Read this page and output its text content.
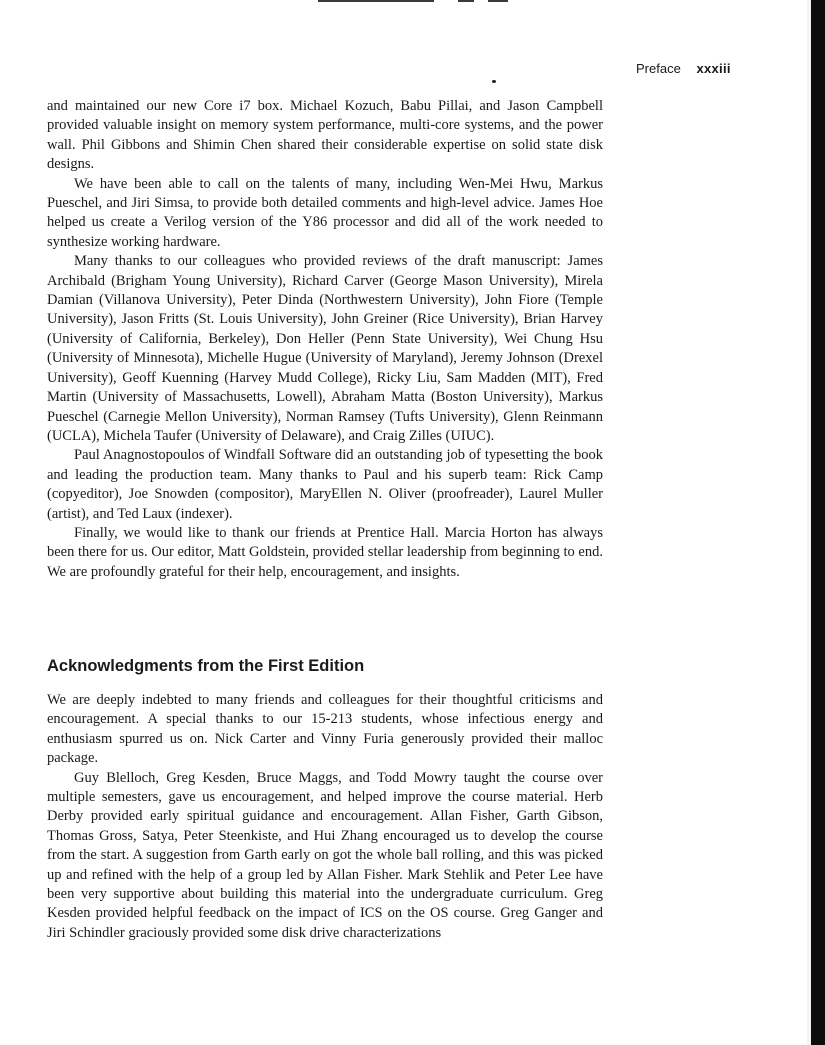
Preface xxxiii

and maintained our new Core i7 box. Michael Kozuch, Babu Pillai, and Jason Campbell provided valuable insight on memory system performance, multi-core systems, and the power wall. Phil Gibbons and Shimin Chen shared their considerable expertise on solid state disk designs.

We have been able to call on the talents of many, including Wen-Mei Hwu, Markus Pueschel, and Jiri Simsa, to provide both detailed comments and high-level advice. James Hoe helped us create a Verilog version of the Y86 processor and did all of the work needed to synthesize working hardware.

Many thanks to our colleagues who provided reviews of the draft manuscript: James Archibald (Brigham Young University), Richard Carver (George Mason University), Mirela Damian (Villanova University), Peter Dinda (Northwestern University), John Fiore (Temple University), Jason Fritts (St. Louis University), John Greiner (Rice University), Brian Harvey (University of California, Berkeley), Don Heller (Penn State University), Wei Chung Hsu (University of Minnesota), Michelle Hugue (University of Maryland), Jeremy Johnson (Drexel University), Geoff Kuenning (Harvey Mudd College), Ricky Liu, Sam Madden (MIT), Fred Martin (University of Massachusetts, Lowell), Abraham Matta (Boston University), Markus Pueschel (Carnegie Mellon University), Norman Ramsey (Tufts University), Glenn Reinmann (UCLA), Michela Taufer (University of Delaware), and Craig Zilles (UIUC).

Paul Anagnostopoulos of Windfall Software did an outstanding job of typesetting the book and leading the production team. Many thanks to Paul and his superb team: Rick Camp (copyeditor), Joe Snowden (compositor), MaryEllen N. Oliver (proofreader), Laurel Muller (artist), and Ted Laux (indexer).

Finally, we would like to thank our friends at Prentice Hall. Marcia Horton has always been there for us. Our editor, Matt Goldstein, provided stellar leadership from beginning to end. We are profoundly grateful for their help, encouragement, and insights.

Acknowledgments from the First Edition

We are deeply indebted to many friends and colleagues for their thoughtful criticisms and encouragement. A special thanks to our 15-213 students, whose infectious energy and enthusiasm spurred us on. Nick Carter and Vinny Furia generously provided their malloc package.

Guy Blelloch, Greg Kesden, Bruce Maggs, and Todd Mowry taught the course over multiple semesters, gave us encouragement, and helped improve the course material. Herb Derby provided early spiritual guidance and encouragement. Allan Fisher, Garth Gibson, Thomas Gross, Satya, Peter Steenkiste, and Hui Zhang encouraged us to develop the course from the start. A suggestion from Garth early on got the whole ball rolling, and this was picked up and refined with the help of a group led by Allan Fisher. Mark Stehlik and Peter Lee have been very supportive about building this material into the undergraduate curriculum. Greg Kesden provided helpful feedback on the impact of ICS on the OS course. Greg Ganger and Jiri Schindler graciously provided some disk drive characterizations
